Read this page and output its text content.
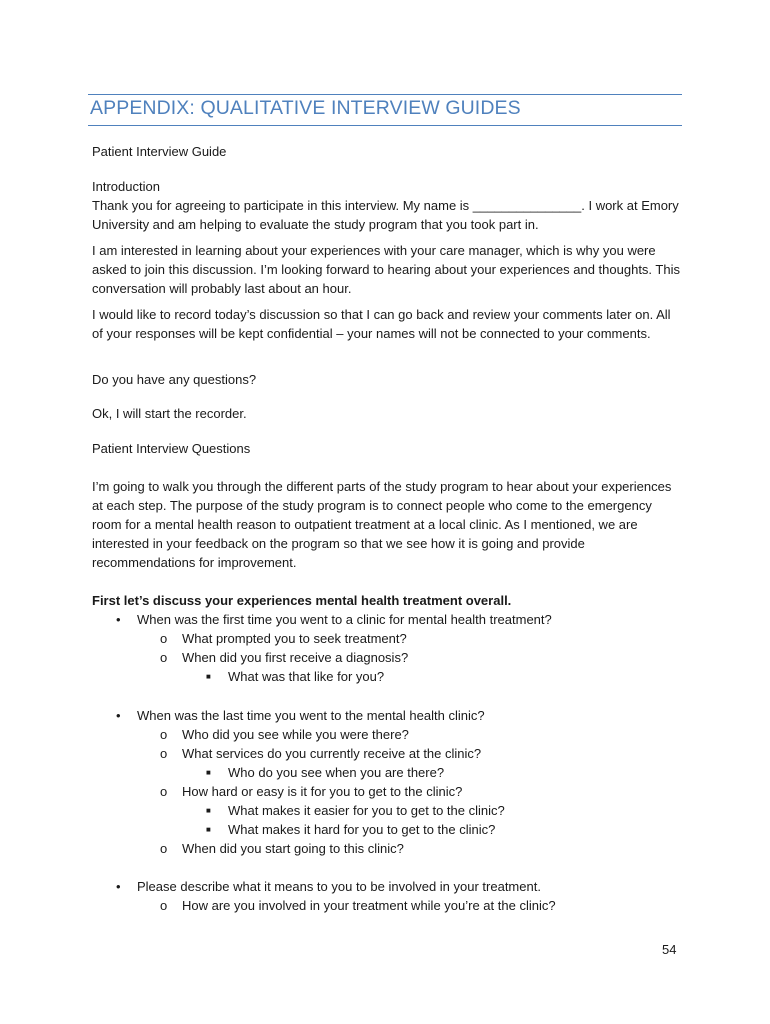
APPENDIX: QUALITATIVE INTERVIEW GUIDES
Patient Interview Guide
Introduction
Thank you for agreeing to participate in this interview. My name is _______________. I work at Emory University and am helping to evaluate the study program that you took part in.
I am interested in learning about your experiences with your care manager, which is why you were asked to join this discussion. I’m looking forward to hearing about your experiences and thoughts. This conversation will probably last about an hour.
I would like to record today’s discussion so that I can go back and review your comments later on. All of your responses will be kept confidential – your names will not be connected to your comments.
Do you have any questions?
Ok, I will start the recorder.
Patient Interview Questions
I’m going to walk you through the different parts of the study program to hear about your experiences at each step. The purpose of the study program is to connect people who come to the emergency room for a mental health reason to outpatient treatment at a local clinic. As I mentioned, we are interested in your feedback on the program so that we see how it is going and provide recommendations for improvement.
First let’s discuss your experiences mental health treatment overall.
• When was the first time you went to a clinic for mental health treatment?
o What prompted you to seek treatment?
o When did you first receive a diagnosis?
■ What was that like for you?
• When was the last time you went to the mental health clinic?
o Who did you see while you were there?
o What services do you currently receive at the clinic?
■ Who do you see when you are there?
o How hard or easy is it for you to get to the clinic?
■ What makes it easier for you to get to the clinic?
■ What makes it hard for you to get to the clinic?
o When did you start going to this clinic?
• Please describe what it means to you to be involved in your treatment.
o How are you involved in your treatment while you’re at the clinic?
54
